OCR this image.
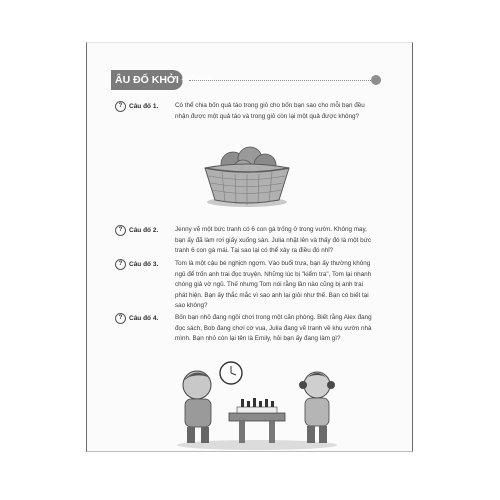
ÂU ĐỐ KHỞI ĐỘNG
? Câu đố 1.	Có thể chia bốn quả táo trong giỏ cho bốn bạn sao cho mỗi bạn đều nhận được một quả táo và trong giỏ còn lại một quả được không?
? Câu đố 2.	Jenny vẽ một bức tranh có 6 con gà trống ở trong vườn. Không may, bạn ấy đã làm rơi giấy xuống sàn. Julia nhặt lên và thấy đó là một bức tranh 6 con gà mái. Tại sao lại có thể xảy ra điều đó nhỉ?
? Câu đố 3.	Tom là một cậu bé nghịch ngợm. Vào buổi trưa, bạn ấy thường không ngủ để trốn anh trai đọc truyện. Những lúc bị "kiểm tra", Tom lại nhanh chóng giả vờ ngủ. Thế nhưng Tom nói rằng lần nào cũng bị anh trai phát hiện. Bạn ấy thắc mắc vì sao anh lại giỏi như thế. Bạn có biết tại sao không?
? Câu đố 4.	Bốn bạn nhỏ đang ngồi chơi trong một căn phòng. Biết rằng Alex đang đọc sách, Bob đang chơi cờ vua, Julia đang vẽ tranh về khu vườn nhà mình. Bạn nhỏ còn lại tên là Emily, hỏi bạn ấy đang làm gì?
